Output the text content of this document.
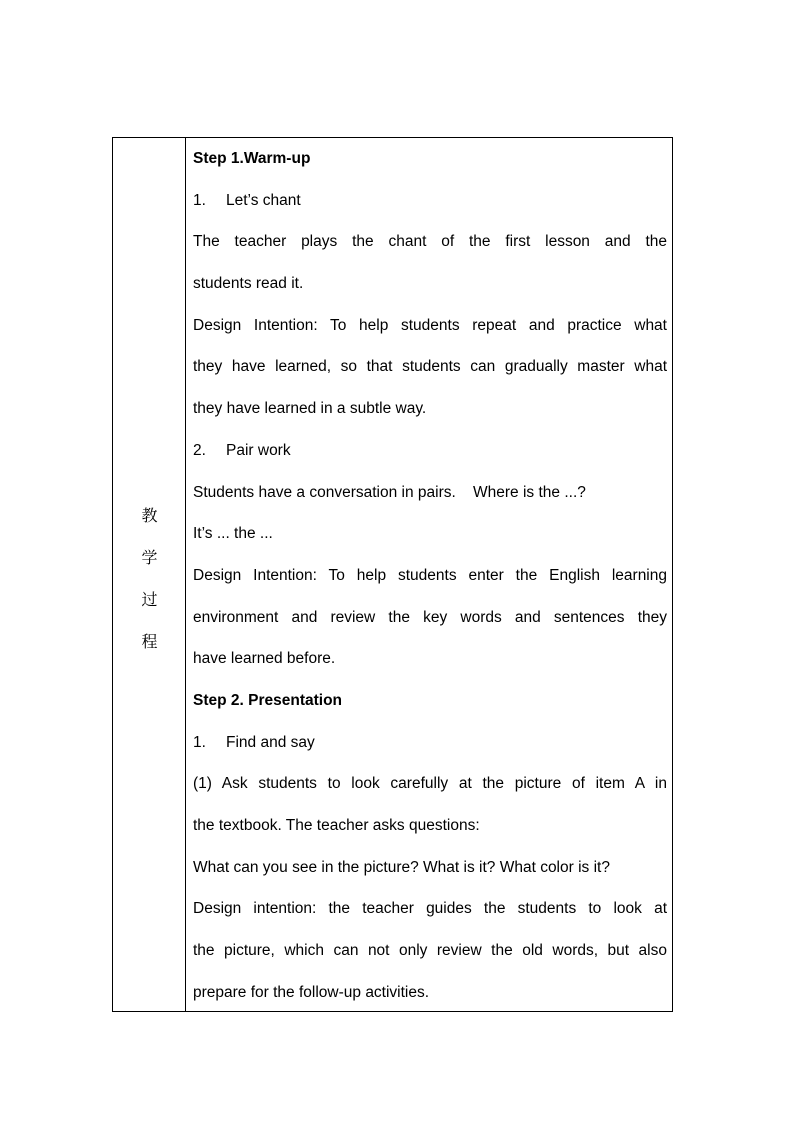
教
学
过
程
Step 1.Warm-up
1. Let’s chant
The teacher plays the chant of the first lesson and the
students read it.
Design Intention: To help students repeat and practice what
they have learned, so that students can gradually master what
they have learned in a subtle way.
2. Pair work
Students have a conversation in pairs.    Where is the ...?
It’s ... the ...
Design Intention: To help students enter the English learning
environment and review the key words and sentences they
have learned before.
Step 2. Presentation
1. Find and say
(1) Ask students to look carefully at the picture of item A in
the textbook. The teacher asks questions:
What can you see in the picture? What is it? What color is it?
Design intention: the teacher guides the students to look at
the picture, which can not only review the old words, but also
prepare for the follow-up activities.
